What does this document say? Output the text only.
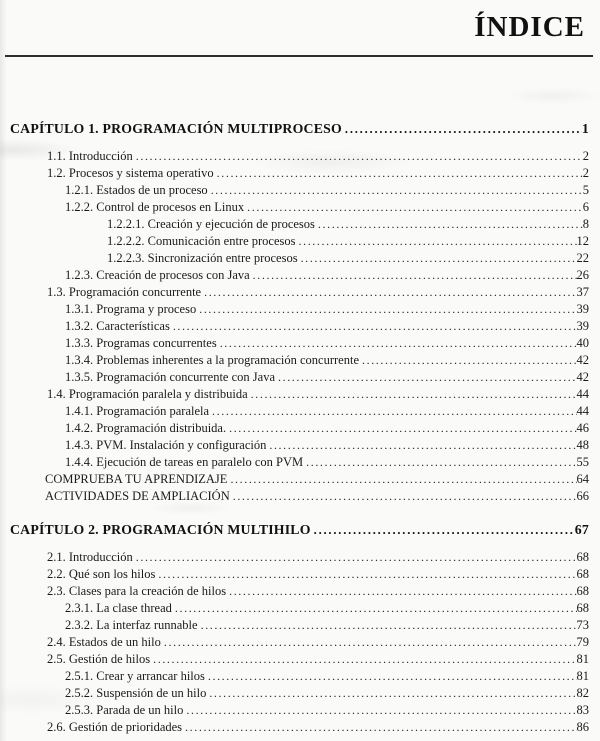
ÍNDICE
CAPÍTULO 1. PROGRAMACIÓN MULTIPROCESO .....	1
1.1. Introducción .....	2
1.2. Procesos y sistema operativo .....	2
1.2.1. Estados de un proceso .....	5
1.2.2. Control de procesos en Linux .....	6
1.2.2.1. Creación y ejecución de procesos .....	8
1.2.2.2. Comunicación entre procesos .....	12
1.2.2.3. Sincronización entre procesos .....	22
1.2.3. Creación de procesos con Java .....	26
1.3. Programación concurrente .....	37
1.3.1. Programa y proceso .....	39
1.3.2. Características .....	39
1.3.3. Programas concurrentes .....	40
1.3.4. Problemas inherentes a la programación concurrente .....	42
1.3.5. Programación concurrente con Java .....	42
1.4. Programación paralela y distribuida .....	44
1.4.1. Programación paralela .....	44
1.4.2. Programación distribuida. .....	46
1.4.3. PVM. Instalación y configuración .....	48
1.4.4. Ejecución de tareas en paralelo con PVM .....	55
COMPRUEBA TU APRENDIZAJE .....	64
ACTIVIDADES DE AMPLIACIÓN .....	66
CAPÍTULO 2. PROGRAMACIÓN MULTIHILO .....	67
2.1. Introducción .....	68
2.2. Qué son los hilos .....	68
2.3. Clases para la creación de hilos .....	68
2.3.1. La clase thread .....	68
2.3.2. La interfaz runnable .....	73
2.4. Estados de un hilo .....	79
2.5. Gestión de hilos .....	81
2.5.1. Crear y arrancar hilos .....	81
2.5.2. Suspensión de un hilo .....	82
2.5.3. Parada de un hilo .....	83
2.6. Gestión de prioridades .....	86
